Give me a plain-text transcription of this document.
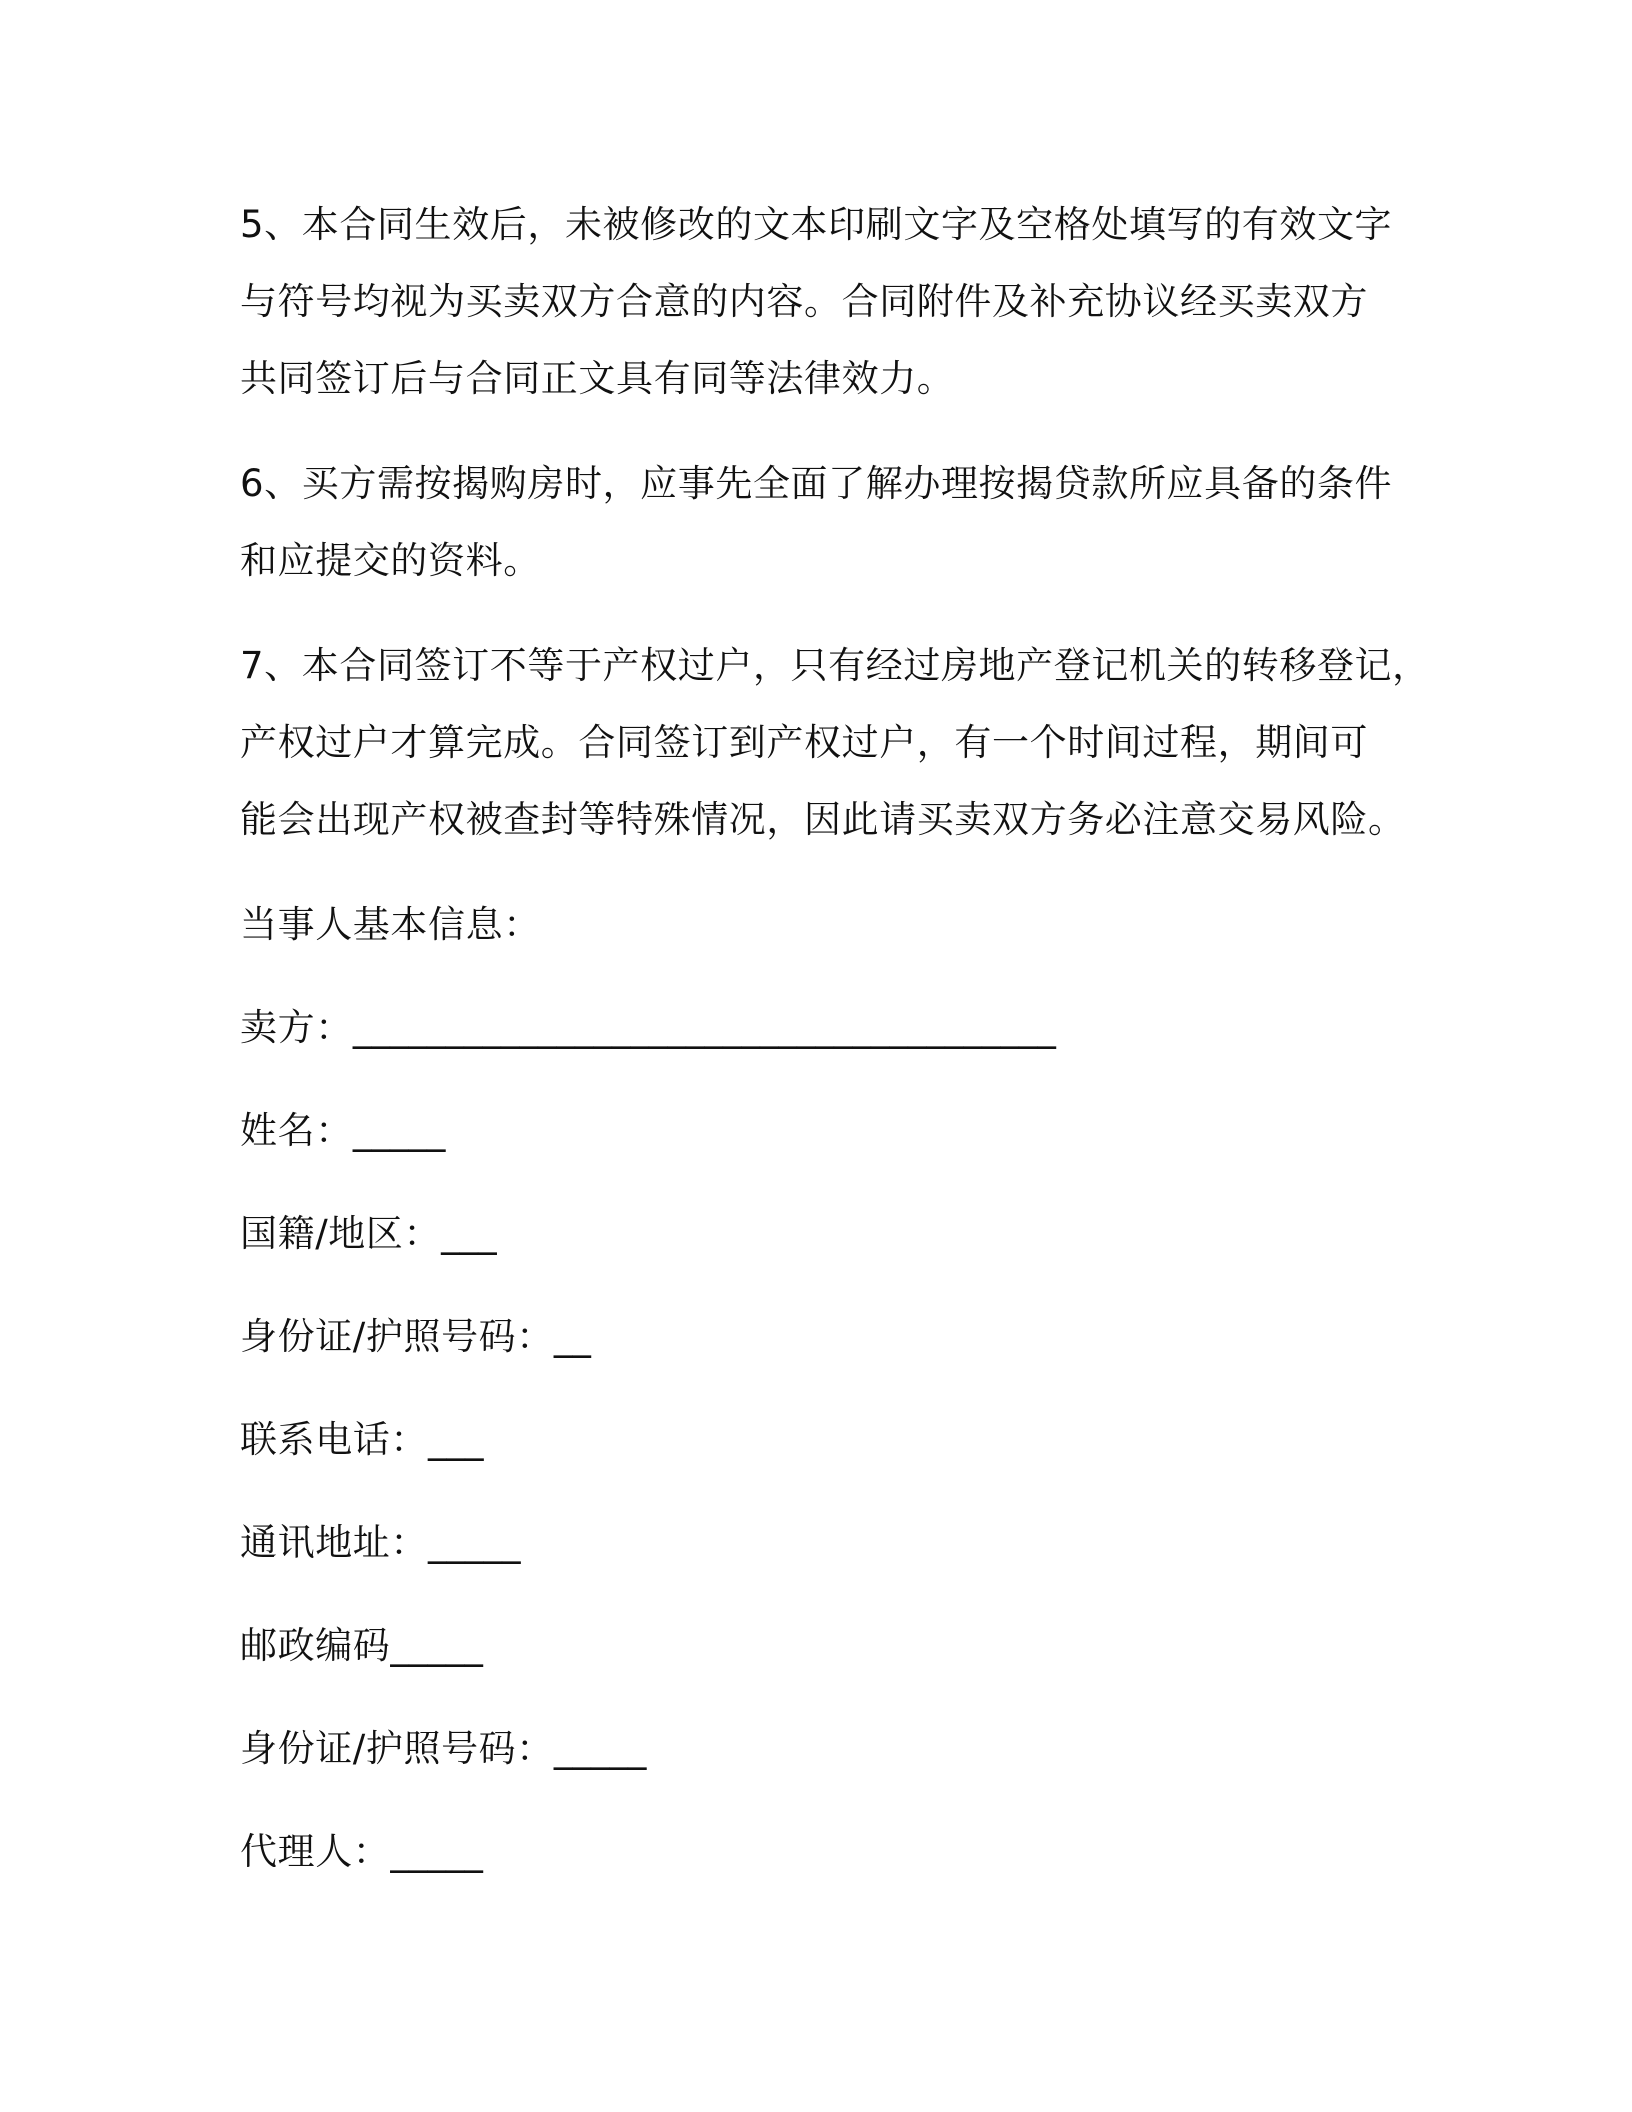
5、本合同生效后，未被修改的文本印刷文字及空格处填写的有效文字
与符号均视为买卖双方合意的内容。合同附件及补充协议经买卖双方
共同签订后与合同正文具有同等法律效力。

6、买方需按揭购房时，应事先全面了解办理按揭贷款所应具备的条件
和应提交的资料。

7、本合同签订不等于产权过户，只有经过房地产登记机关的转移登记，
产权过户才算完成。合同签订到产权过户，有一个时间过程，期间可
能会出现产权被查封等特殊情况，因此请买卖双方务必注意交易风险。

当事人基本信息：

卖方：______________________________________

姓名：_____

国籍/地区：___

身份证/护照号码：__

联系电话：___

通讯地址：_____

邮政编码_____

身份证/护照号码：_____

代理人：_____
